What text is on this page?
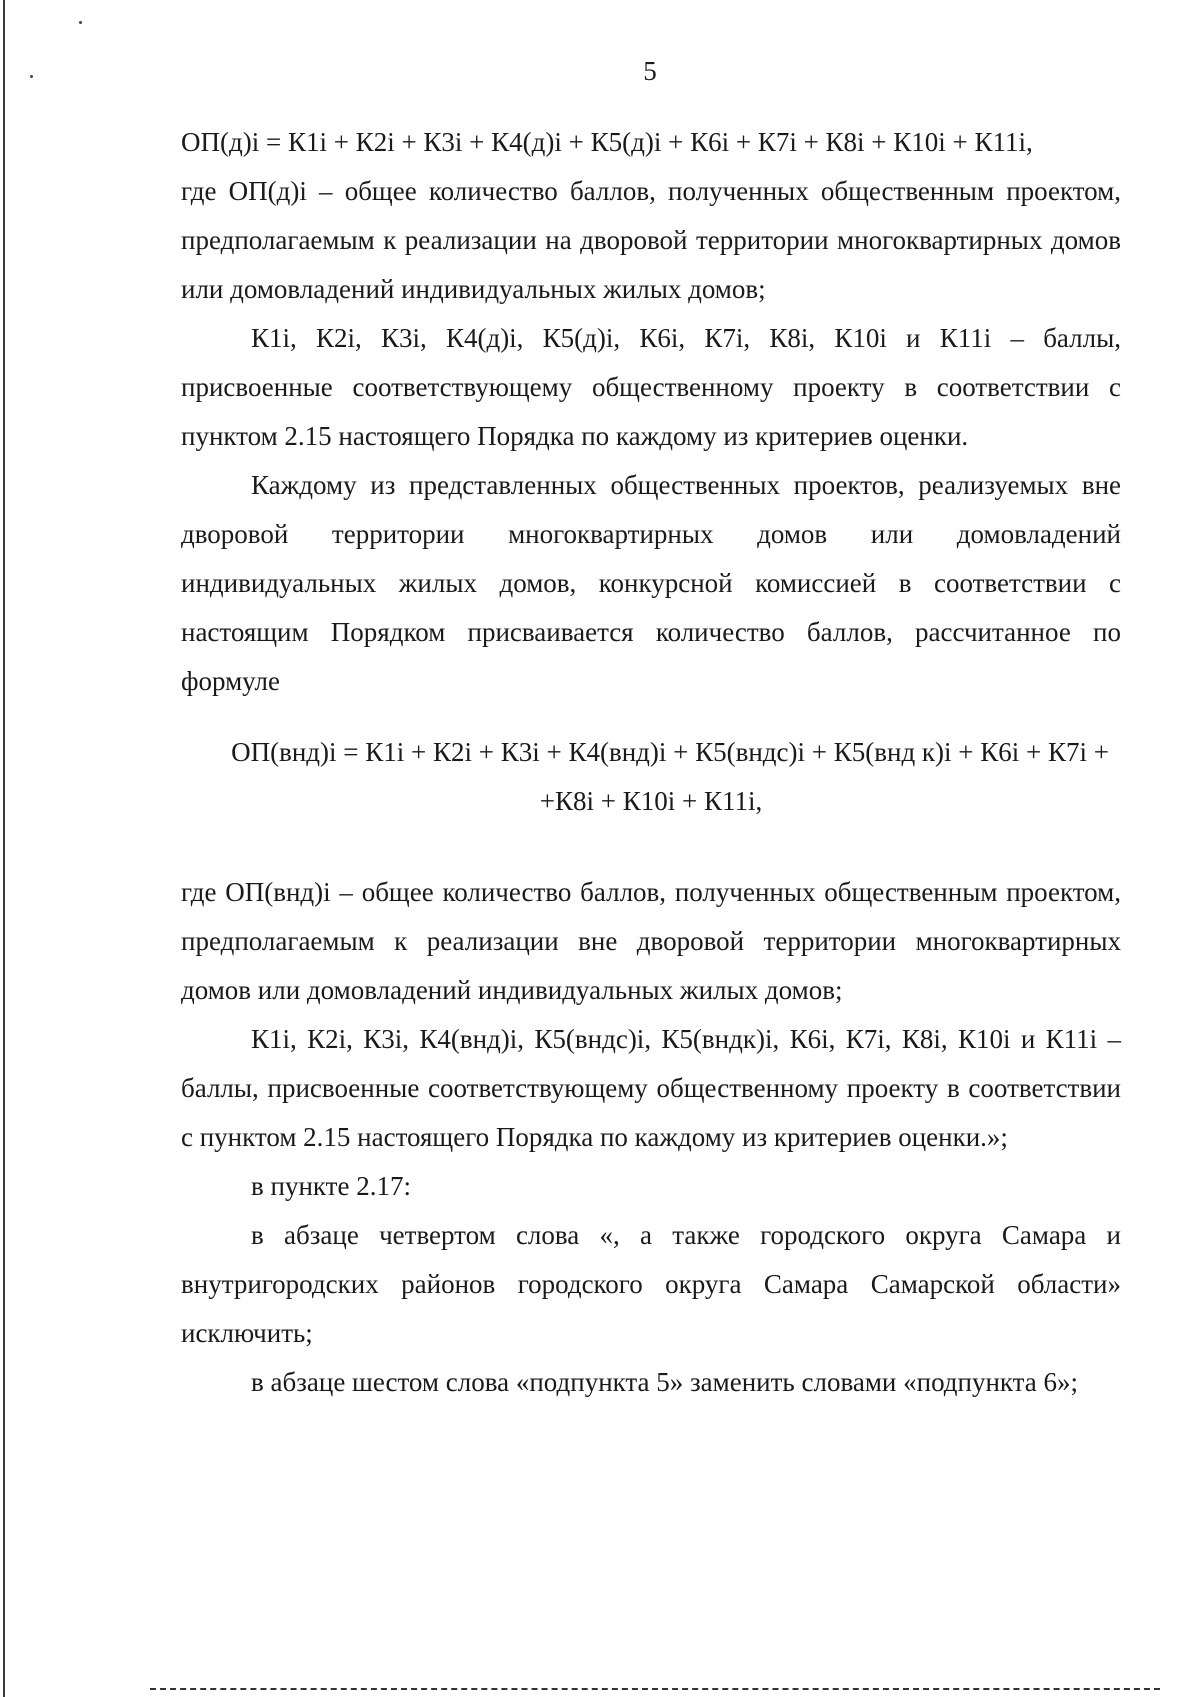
5

ОП(д)i = К1i + К2i + К3i + К4(д)i + К5(д)i + К6i + К7i + К8i + К10i + К11i,

где ОП(д)i – общее количество баллов, полученных общественным проектом, предполагаемым к реализации на дворовой территории многоквартирных домов или домовладений индивидуальных жилых домов;

К1i, К2i, К3i, К4(д)i, К5(д)i, К6i, К7i, К8i, К10i и К11i – баллы, присвоенные соответствующему общественному проекту в соответствии с пунктом 2.15 настоящего Порядка по каждому из критериев оценки.

Каждому из представленных общественных проектов, реализуемых вне дворовой территории многоквартирных домов или домовладений индивидуальных жилых домов, конкурсной комиссией в соответствии с настоящим Порядком присваивается количество баллов, рассчитанное по формуле

ОП(внд)i = К1i + К2i + К3i + К4(внд)i + К5(вндс)i + К5(внд к)i + К6i + К7i +
+К8i + К10i + К11i,

где ОП(внд)i – общее количество баллов, полученных общественным проектом, предполагаемым к реализации вне дворовой территории многоквартирных домов или домовладений индивидуальных жилых домов;

К1i, К2i, К3i, К4(внд)i, К5(вндс)i, К5(вндк)i, К6i, К7i, К8i, К10i и К11i – баллы, присвоенные соответствующему общественному проекту в соответствии с пунктом 2.15 настоящего Порядка по каждому из критериев оценки.»;

в пункте 2.17:

в абзаце четвертом слова «, а также городского округа Самара и внутригородских районов городского округа Самара Самарской области» исключить;

в абзаце шестом слова «подпункта 5» заменить словами «подпункта 6»;
